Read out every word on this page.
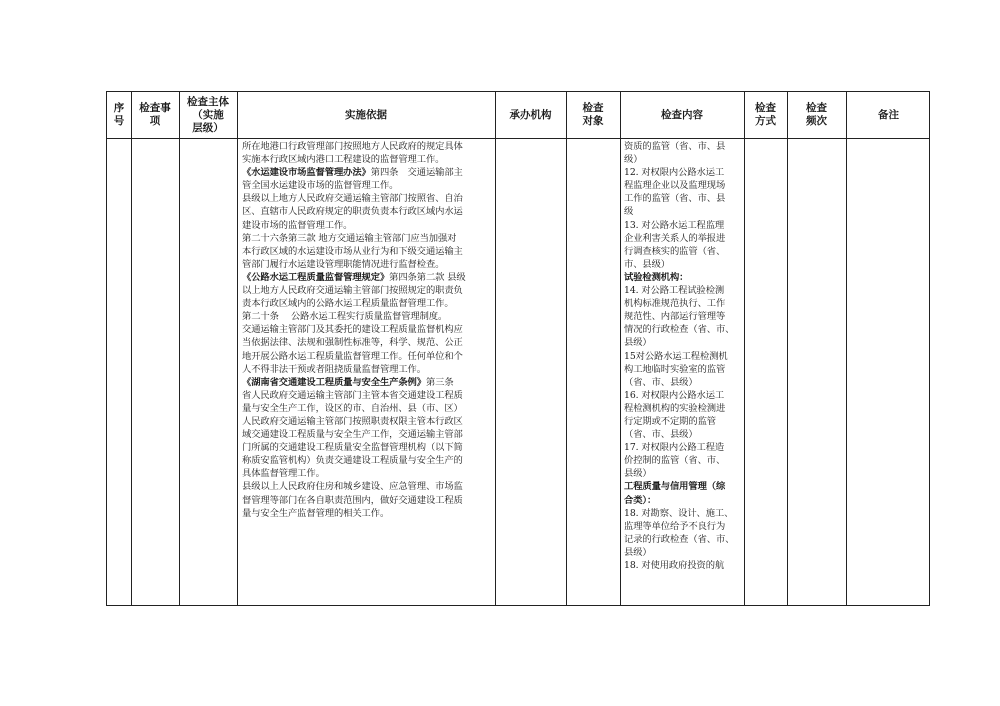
序
号
检查事
项
检查主体
（实施
层级）
实施依据	承办机构
检查
对象
检查内容
检查
方式
检查
频次
备注
所在地港口行政管理部门按照地方人民政府的规定具体
实施本行政区域内港口工程建设的监督管理工作。
《水运建设市场监督管理办法》第四条　交通运输部主
管全国水运建设市场的监督管理工作。
县级以上地方人民政府交通运输主管部门按照省、自治
区、直辖市人民政府规定的职责负责本行政区域内水运
建设市场的监督管理工作。
第二十六条第三款 地方交通运输主管部门应当加强对
本行政区域的水运建设市场从业行为和下级交通运输主
管部门履行水运建设管理职能情况进行监督检查。
《公路水运工程质量监督管理规定》第四条第二款 县级
以上地方人民政府交通运输主管部门按照规定的职责负
责本行政区域内的公路水运工程质量监督管理工作。
第二十条　 公路水运工程实行质量监督管理制度。
交通运输主管部门及其委托的建设工程质量监督机构应
当依据法律、法规和强制性标准等，科学、规范、公正
地开展公路水运工程质量监督管理工作。任何单位和个
人不得非法干预或者阻挠质量监督管理工作。
《湖南省交通建设工程质量与安全生产条例》第三条
省人民政府交通运输主管部门主管本省交通建设工程质
量与安全生产工作，设区的市、自治州、县（市、区）
人民政府交通运输主管部门按照职责权限主管本行政区
域交通建设工程质量与安全生产工作，交通运输主管部
门所属的交通建设工程质量安全监督管理机构（以下简
称质安监管机构）负责交通建设工程质量与安全生产的
具体监督管理工作。
县级以上人民政府住房和城乡建设、应急管理、市场监
督管理等部门在各自职责范围内，做好交通建设工程质
量与安全生产监督管理的相关工作。
资质的监管（省、市、县
级）
12. 对权限内公路水运工
程监理企业以及监理现场
工作的监管（省、市、县
级
13. 对公路水运工程监理
企业利害关系人的举报进
行调查核实的监管（省、
市、县级）
试验检测机构：
14. 对公路工程试验检测
机构标准规范执行、工作
规范性、内部运行管理等
情况的行政检查（省、市、
县级）
15对公路水运工程检测机
构工地临时实验室的监管
（省、市、县级）
16. 对权限内公路水运工
程检测机构的实验检测进
行定期或不定期的监管
（省、市、县级）
17. 对权限内公路工程造
价控制的监管（省、市、
县级）
工程质量与信用管理（综
合类）：
18. 对勘察、设计、施工、
监理等单位给予不良行为
记录的行政检查（省、市、
县级）
18. 对使用政府投资的航
